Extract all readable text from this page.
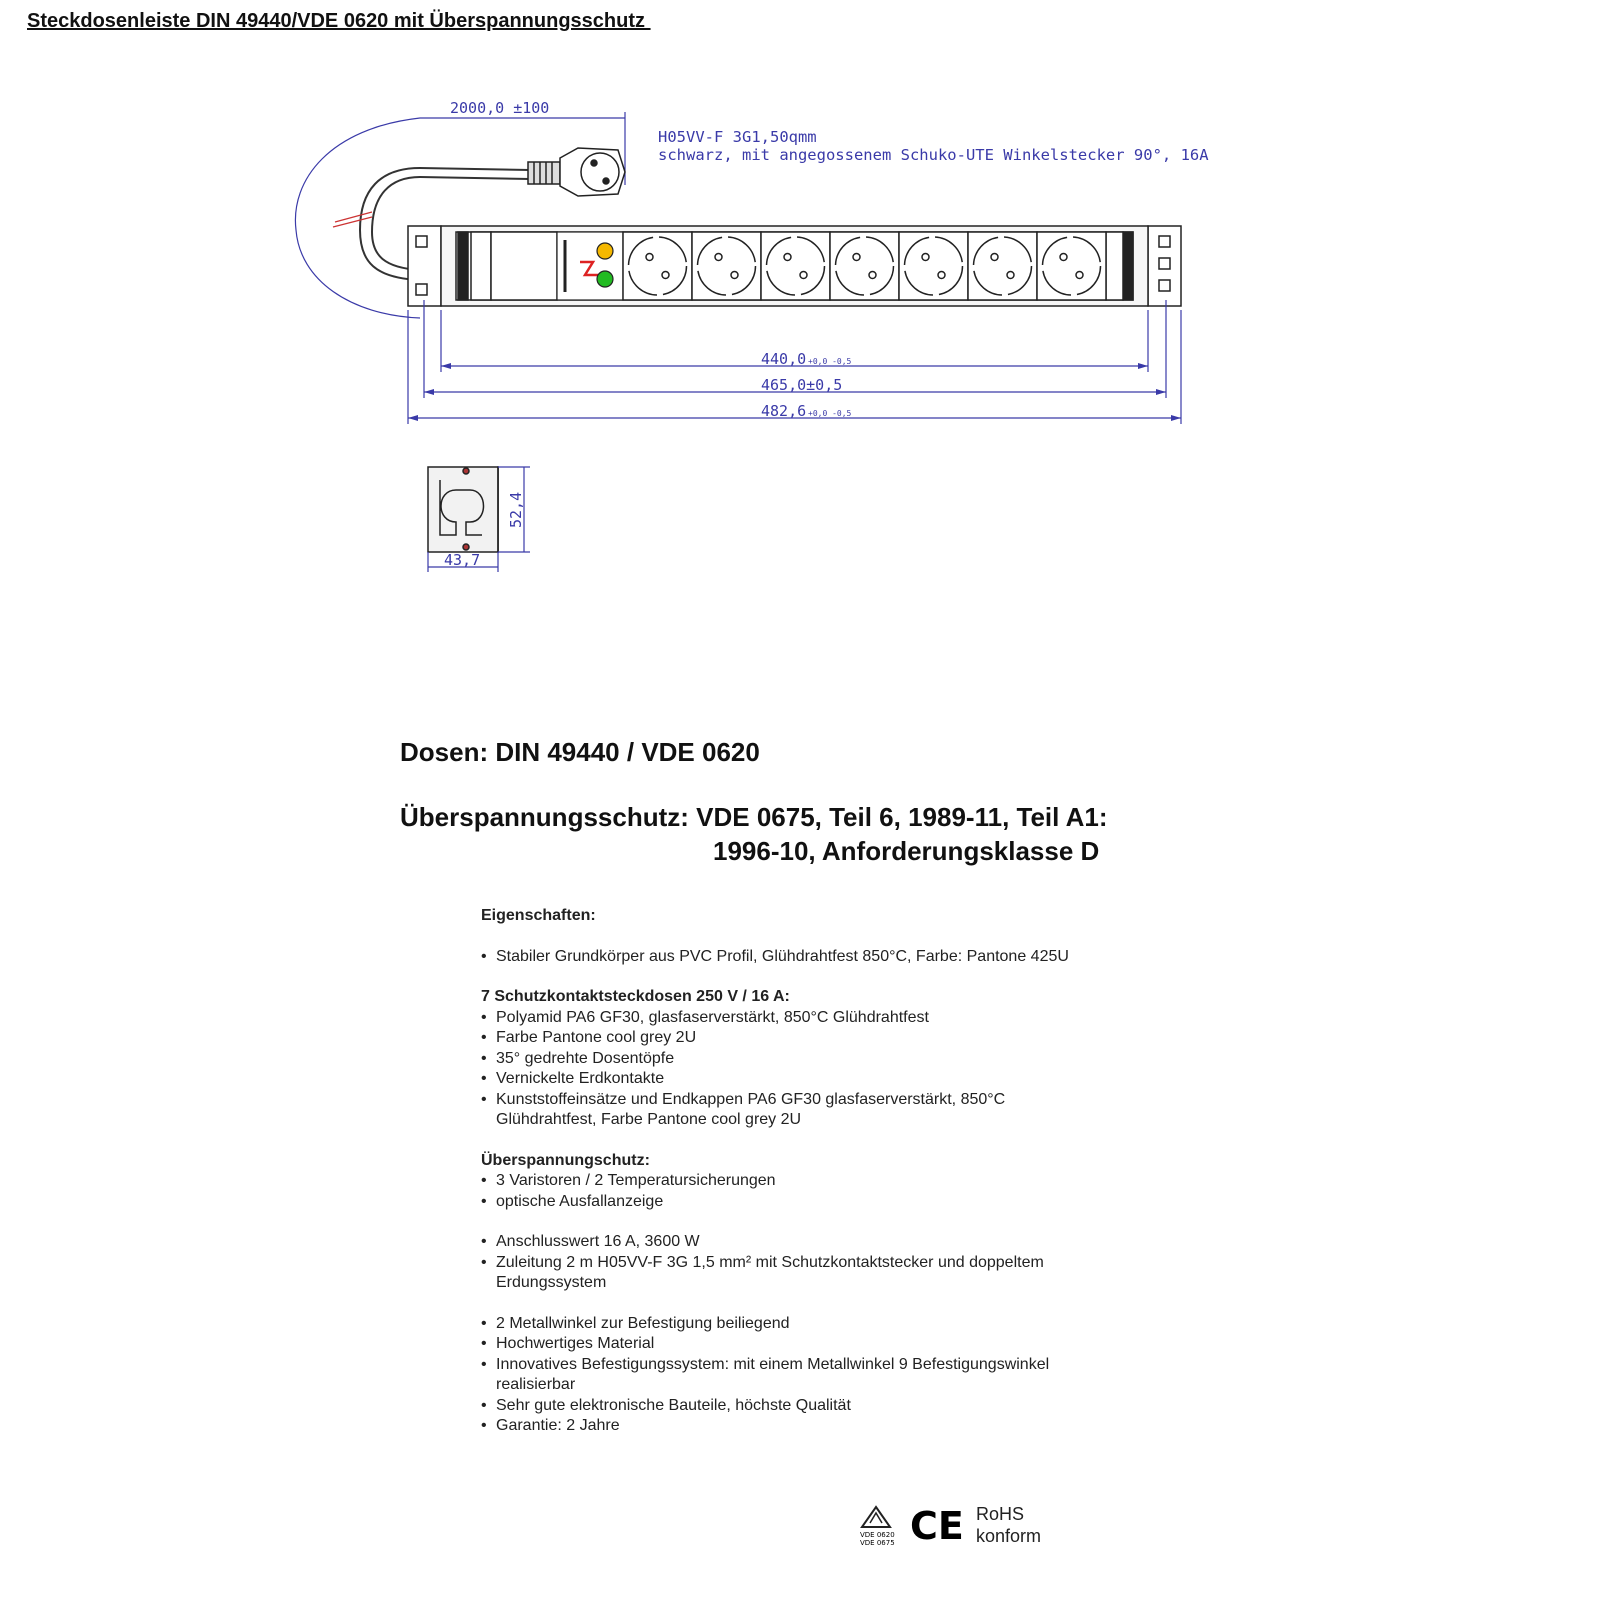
Steckdosenleiste DIN 49440/VDE 0620 mit Überspannungsschutz
2000,0 ±100
440,0 +0,0 -0,5
465,0±0,5
482,6 +0,0 -0,5
43,7
52,4
H05VV-F 3G1,50qmm
schwarz, mit angegossenem Schuko-UTE Winkelstecker 90°, 16A
Dosen: DIN 49440 / VDE 0620
Überspannungsschutz: VDE 0675, Teil 6, 1989-11, Teil A1:
1996-10, Anforderungsklasse D
Eigenschaften:
• Stabiler Grundkörper aus PVC Profil, Glühdrahtfest 850°C, Farbe: Pantone 425U
7 Schutzkontaktsteckdosen 250 V / 16 A:
• Polyamid PA6 GF30, glasfaserverstärkt, 850°C Glühdrahtfest
• Farbe Pantone cool grey 2U
• 35° gedrehte Dosentöpfe
• Vernickelte Erdkontakte
• Kunststoffeinsätze und Endkappen PA6 GF30 glasfaserverstärkt, 850°C Glühdrahtfest, Farbe Pantone cool grey 2U
Überspannungschutz:
• 3 Varistoren / 2 Temperatursicherungen
• optische Ausfallanzeige
• Anschlusswert 16 A, 3600 W
• Zuleitung 2 m H05VV-F 3G 1,5 mm² mit Schutzkontaktstecker und doppeltem Erdungssystem
• 2 Metallwinkel zur Befestigung beiliegend
• Hochwertiges Material
• Innovatives Befestigungssystem: mit einem Metallwinkel 9 Befestigungswinkel realisierbar
• Sehr gute elektronische Bauteile, höchste Qualität
• Garantie: 2 Jahre
VDE 0620
VDE 0675 CE RoHS
konform
